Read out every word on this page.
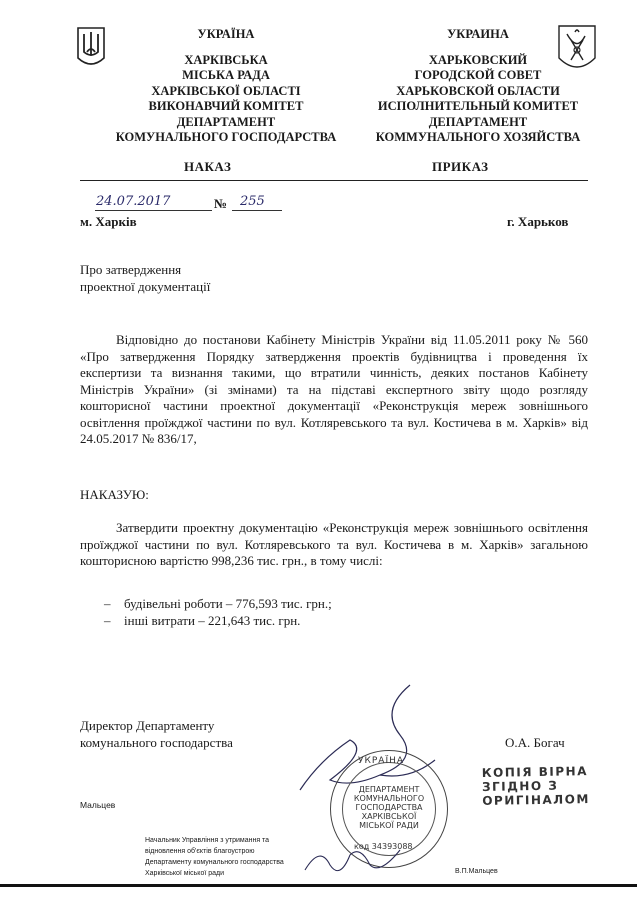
УКРАЇНА
ХАРКІВСЬКА
МІСЬКА РАДА
ХАРКІВСЬКОЇ ОБЛАСТІ
ВИКОНАВЧИЙ КОМІТЕТ
ДЕПАРТАМЕНТ
КОМУНАЛЬНОГО ГОСПОДАРСТВА
УКРАИНА
ХАРЬКОВСКИЙ
ГОРОДСКОЙ СОВЕТ
ХАРЬКОВСКОЙ ОБЛАСТИ
ИСПОЛНИТЕЛЬНЫЙ КОМИТЕТ
ДЕПАРТАМЕНТ
КОММУНАЛЬНОГО ХОЗЯЙСТВА
НАКАЗ	ПРИКАЗ
24.07.2017	№ 255
м. Харків	г. Харьков
Про затвердження
проектної документації

Відповідно до постанови Кабінету Міністрів України від 11.05.2011 року № 560 «Про затвердження Порядку затвердження проектів будівництва і проведення їх експертизи та визнання такими, що втратили чинність, деяких постанов Кабінету Міністрів України» (зі змінами) та на підставі експертного звіту щодо розгляду кошторисної частини проектної документації «Реконструкція мереж зовнішнього освітлення проїжджої частини по вул. Котляревського та вул. Костичева в м. Харків» від 24.05.2017 № 836/17,

НАКАЗУЮ:

Затвердити проектну документацію «Реконструкція мереж зовнішнього освітлення проїжджої частини по вул. Котляревського та вул. Костичева в м. Харків» загальною кошторисною вартістю 998,236 тис. грн., в тому числі:

– будівельні роботи – 776,593 тис. грн.;
– інші витрати – 221,643 тис. грн.
Директор Департаменту
комунального господарства	О.А. Богач
УКРАЇНА
ДЕПАРТАМЕНТ
КОМУНАЛЬНОГО
ГОСПОДАРСТВА
ХАРКІВСЬКОЇ
МІСЬКОЇ РАДИ
код 34393088
КОПІЯ ВІРНА
ЗГІДНО З
ОРИГІНАЛОМ
Мальцев
Начальник Управління з утримання та
відновлення об'єктів благоустрою
Департаменту комунального господарства
Харківської міської ради	В.П.Мальцев
